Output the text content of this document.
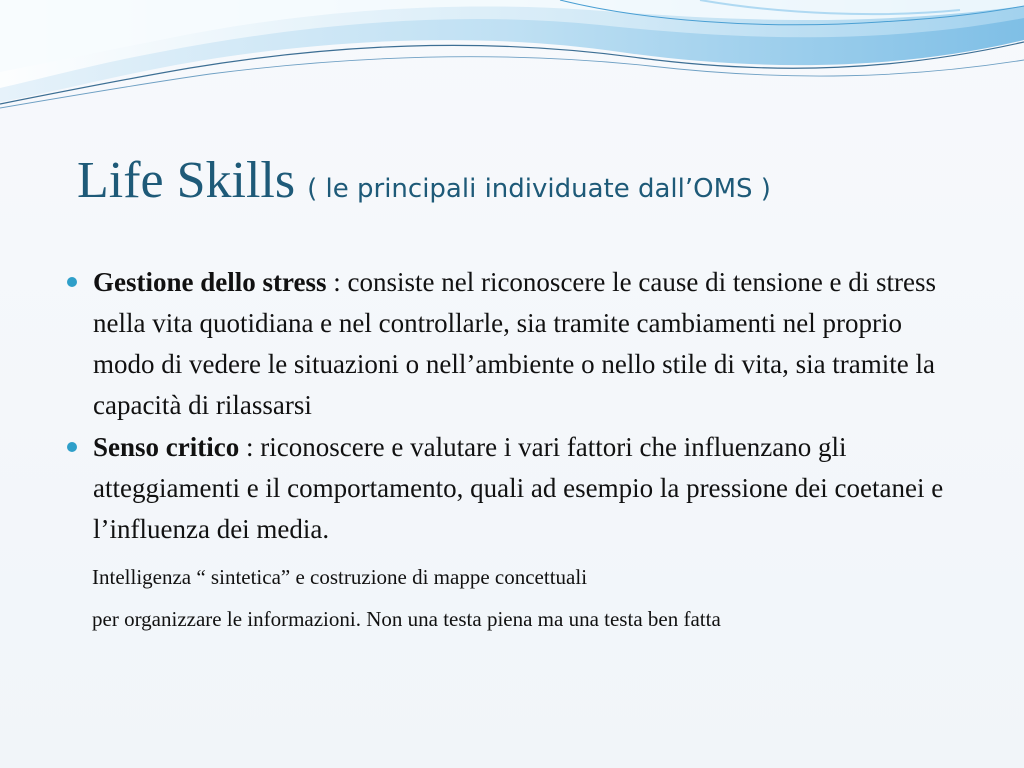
Life Skills ( le principali individuate dall’OMS )
Gestione dello stress : consiste nel riconoscere le cause di tensione e di stress nella vita quotidiana e nel controllarle, sia tramite cambiamenti nel proprio modo di vedere le situazioni o nell’ambiente o nello stile di vita, sia tramite la capacità di rilassarsi
Senso critico : riconoscere e valutare i vari fattori che influenzano gli atteggiamenti e il comportamento, quali ad esempio la pressione dei coetanei e l’influenza dei media.
Intelligenza “ sintetica” e costruzione di mappe concettuali
per organizzare le informazioni. Non una testa piena ma una testa ben fatta
